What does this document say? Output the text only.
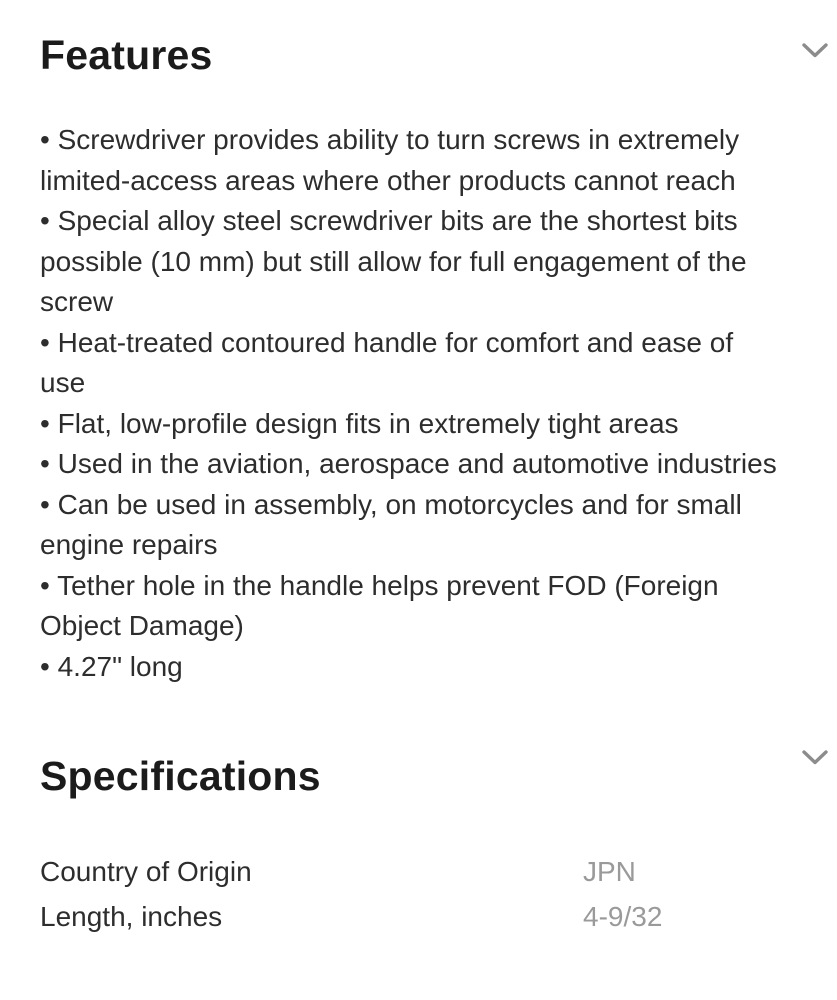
Features
• Screwdriver provides ability to turn screws in extremely limited-access areas where other products cannot reach
• Special alloy steel screwdriver bits are the shortest bits possible (10 mm) but still allow for full engagement of the screw
• Heat-treated contoured handle for comfort and ease of use
• Flat, low-profile design fits in extremely tight areas
• Used in the aviation, aerospace and automotive industries
• Can be used in assembly, on motorcycles and for small engine repairs
• Tether hole in the handle helps prevent FOD (Foreign Object Damage)
• 4.27" long
Specifications
Country of Origin	JPN
Length, inches	4-9/32
